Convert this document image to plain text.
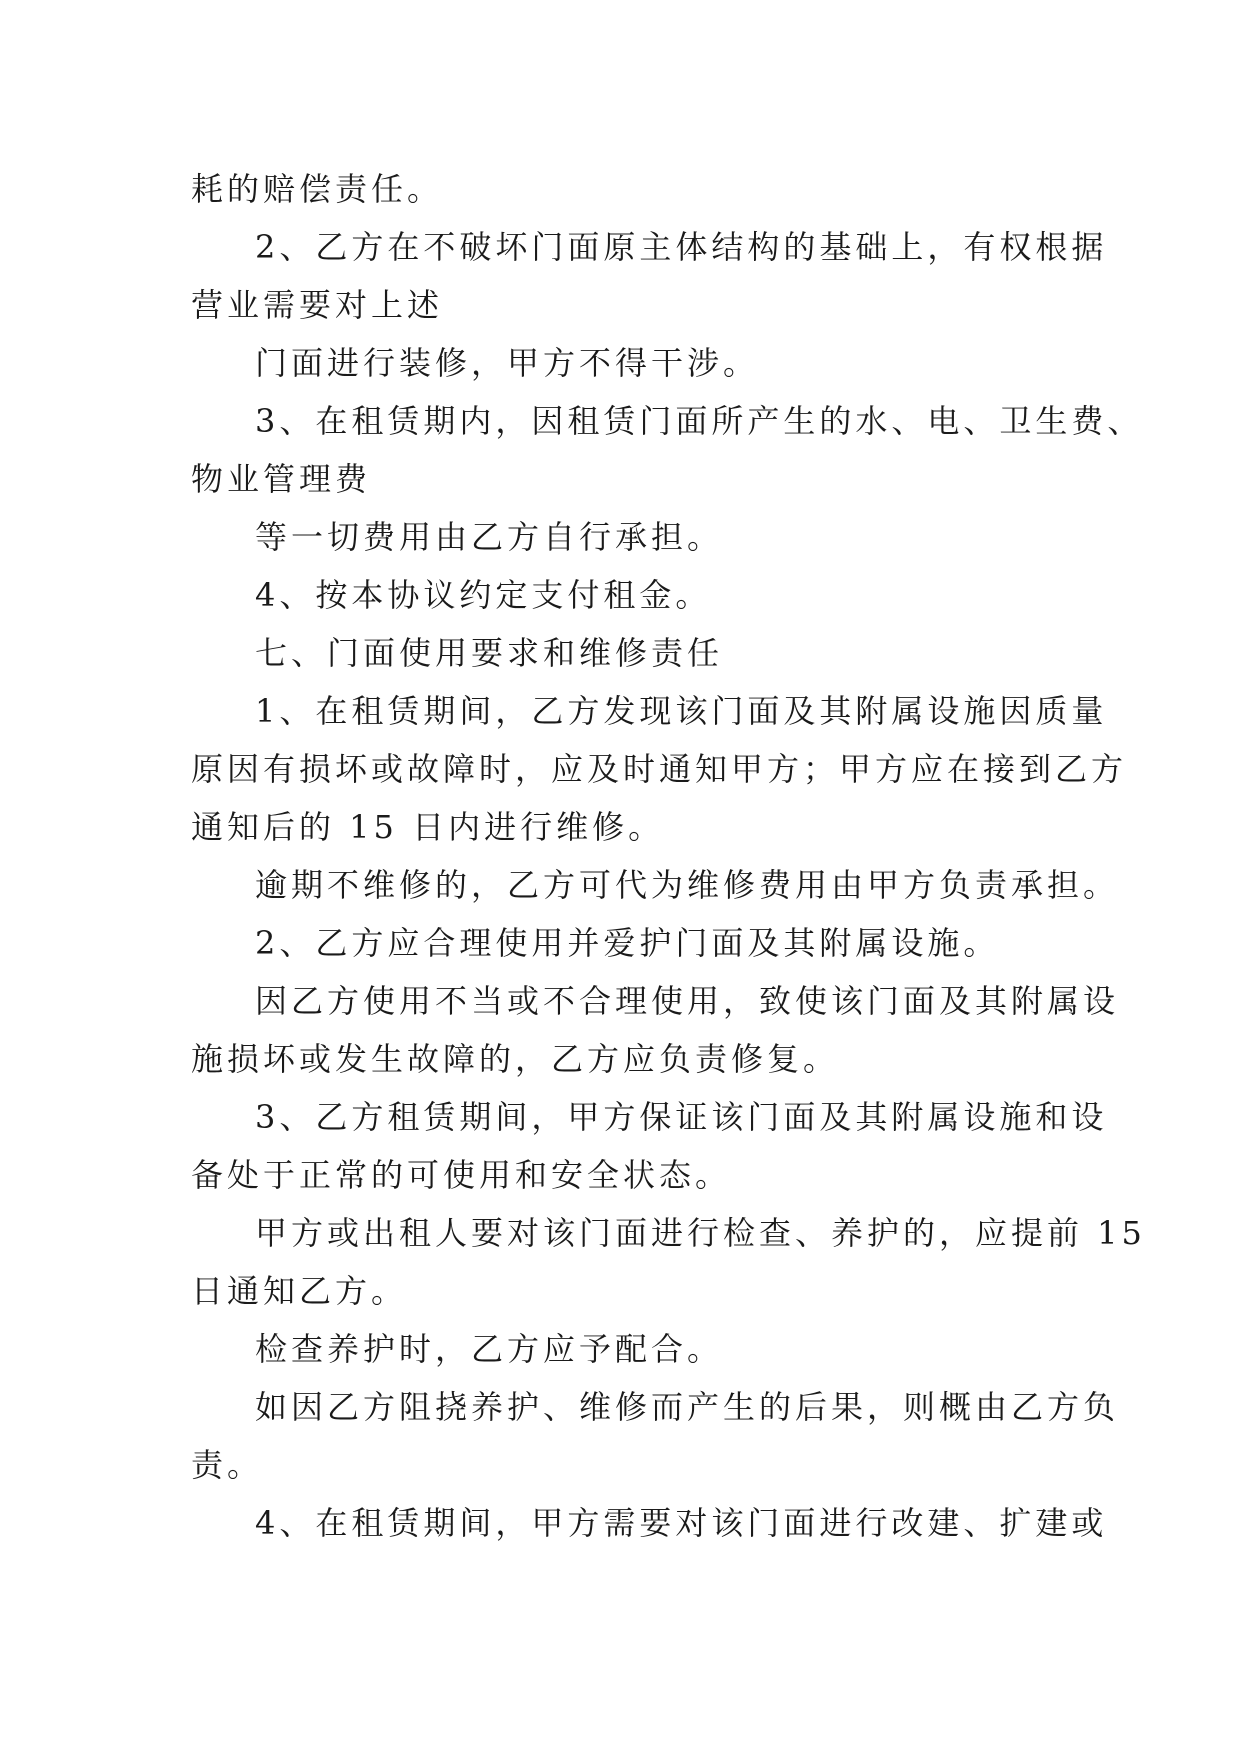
耗的赔偿责任。
2、乙方在不破坏门面原主体结构的基础上，有权根据
营业需要对上述
门面进行装修，甲方不得干涉。
3、在租赁期内，因租赁门面所产生的水、电、卫生费、
物业管理费
等一切费用由乙方自行承担。
4、按本协议约定支付租金。
七、门面使用要求和维修责任
1、在租赁期间，乙方发现该门面及其附属设施因质量
原因有损坏或故障时，应及时通知甲方；甲方应在接到乙方
通知后的 15 日内进行维修。
逾期不维修的，乙方可代为维修费用由甲方负责承担。
2、乙方应合理使用并爱护门面及其附属设施。
因乙方使用不当或不合理使用，致使该门面及其附属设
施损坏或发生故障的，乙方应负责修复。
3、乙方租赁期间，甲方保证该门面及其附属设施和设
备处于正常的可使用和安全状态。
甲方或出租人要对该门面进行检查、养护的，应提前 15
日通知乙方。
检查养护时，乙方应予配合。
如因乙方阻挠养护、维修而产生的后果，则概由乙方负
责。
4、在租赁期间，甲方需要对该门面进行改建、扩建或
